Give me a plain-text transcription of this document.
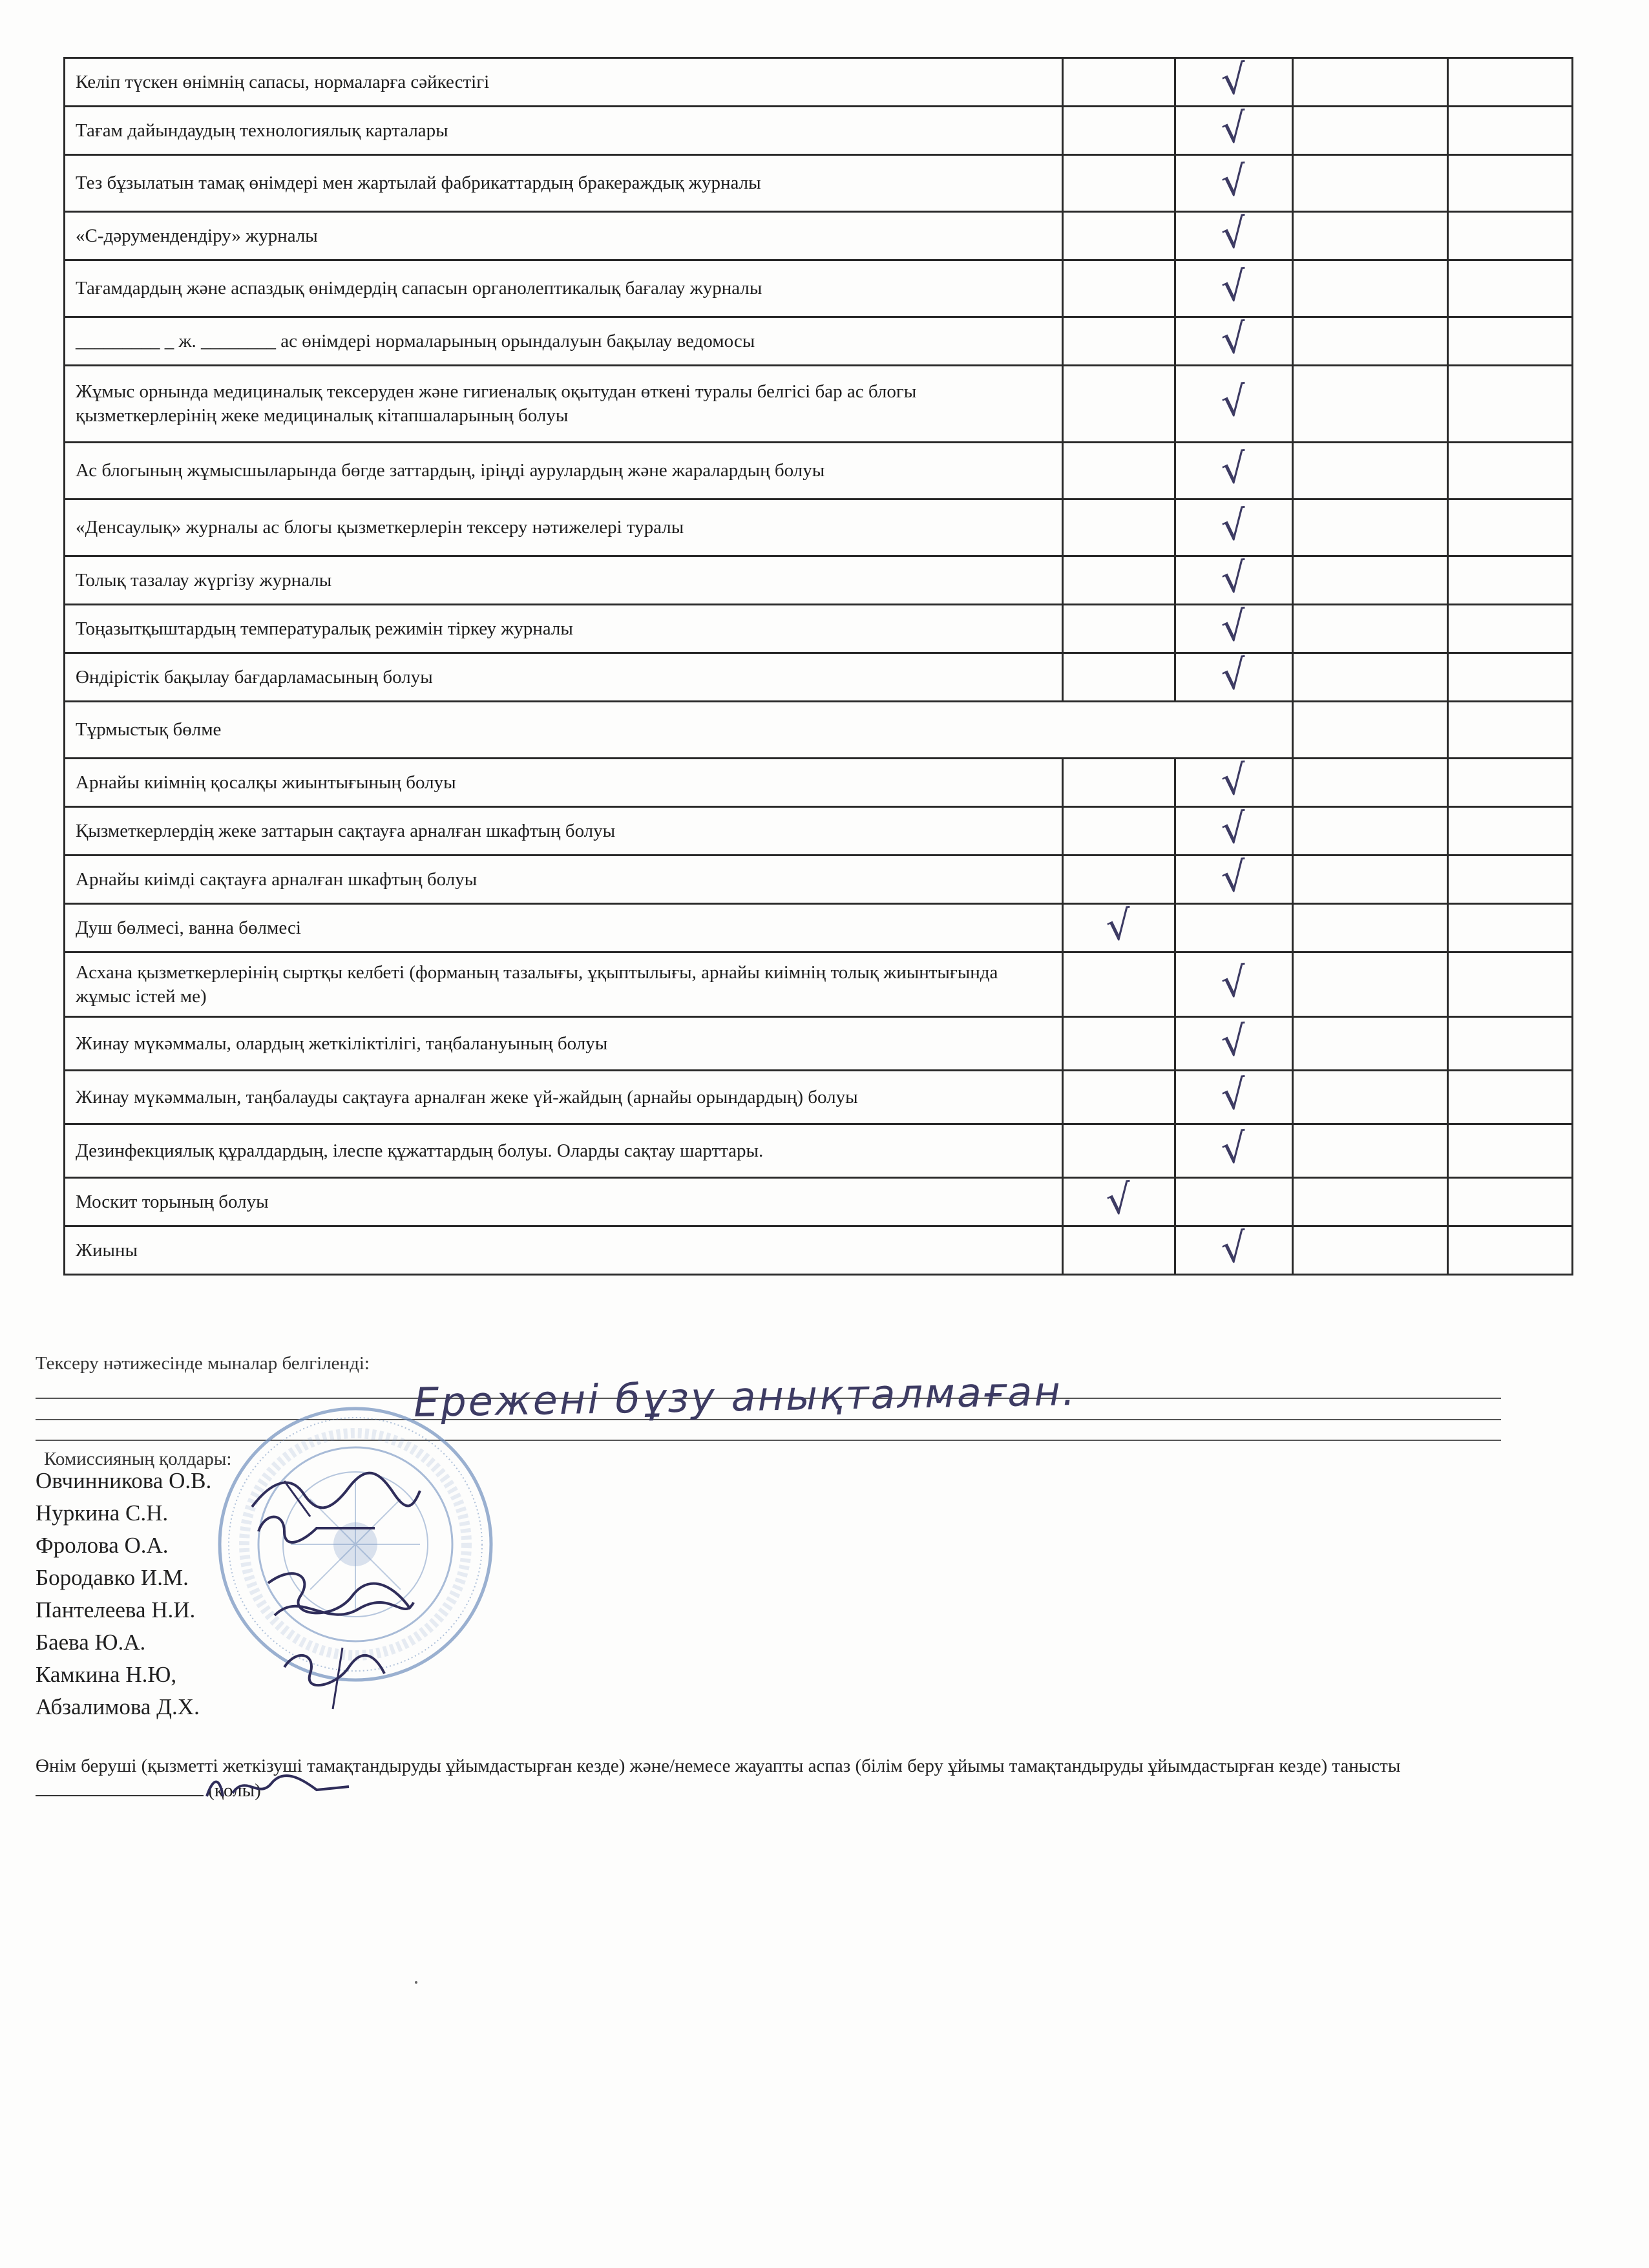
Келіп түскен өнімнің сапасы, нормаларға сәйкестігі		√		
Тағам дайындаудың технологиялық карталары		√		
Тез бұзылатын тамақ өнімдері мен жартылай фабрикаттардың бракераждық журналы		√		
«С-дәрумендендіру» журналы		√		
Тағамдардың және аспаздық өнімдердің сапасын органолептикалық бағалау журналы		√		
_________ _ ж. ________ ас өнімдері нормаларының орындалуын бақылау ведомосы		√		
Жұмыс орнында медициналық тексеруден және гигиеналық оқытудан өткені туралы белгісі бар ас блогы қызметкерлерінің жеке медициналық кітапшаларының болуы		√		
Ас блогының жұмысшыларында бөгде заттардың, іріңді аурулардың және жаралардың болуы		√		
«Денсаулық» журналы ас блогы қызметкерлерін тексеру нәтижелері туралы		√		
Толық тазалау жүргізу журналы		√		
Тоңазытқыштардың температуралық режимін тіркеу журналы		√		
Өндірістік бақылау бағдарламасының болуы		√		
Тұрмыстық бөлме				
Арнайы киімнің қосалқы жиынтығының болуы		√		
Қызметкерлердің жеке заттарын сақтауға арналған шкафтың болуы		√		
Арнайы киімді сақтауға арналған шкафтың болуы		√		
Душ бөлмесі, ванна бөлмесі	√			
Асхана қызметкерлерінің сыртқы келбеті (форманың тазалығы, ұқыптылығы, арнайы киімнің толық жиынтығында жұмыс істей ме)		√		
Жинау мүкәммалы, олардың жеткіліктілігі, таңбалануының болуы		√		
Жинау мүкәммалын, таңбалауды сақтауға арналған жеке үй-жайдың (арнайы орындардың) болуы		√		
Дезинфекциялық құралдардың, ілеспе құжаттардың болуы. Оларды сақтау шарттары.		√		
Москит торының болуы	√			
Жиыны		√		
Тексеру нәтижесінде мыналар белгіленді:
Ережені бұзу анықталмаған.
Комиссияның қолдары:
Овчинникова О.В.
Нуркина С.Н.
Фролова О.А.
Бородавко И.М.
Пантелеева Н.И.
Баева Ю.А.
Камкина Н.Ю,
Абзалимова Д.Х.
Өнім беруші (қызметті жеткізуші тамақтандыруды ұйымдастырған кезде) және/немесе жауапты аспаз (білім беру ұйымы тамақтандыруды ұйымдастырған кезде) танысты  (қолы)
